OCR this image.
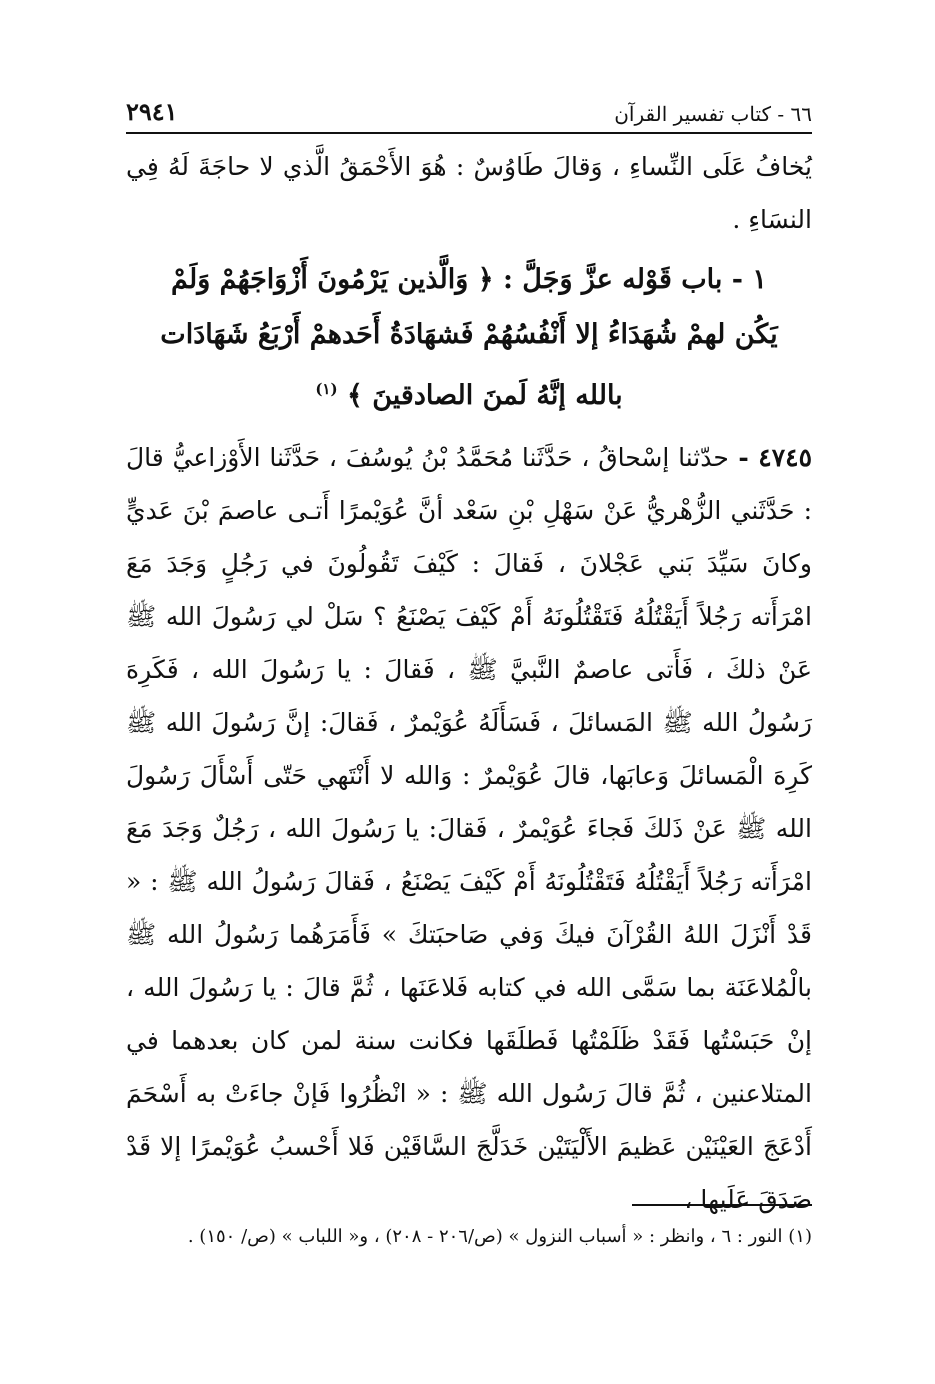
٦٦ - كتاب تفسير القرآن
٢٩٤١

يُخافُ عَلَى النِّساءِ ، وَقالَ طَاوُسٌ : هُوَ الأَحْمَقُ الَّذي لا حاجَةَ لَهُ فِي النسَاءِ .

١ - باب قَوْله عزَّ وَجَلَّ : ﴿ وَالَّذين يَرْمُونَ أَزْوَاجَهُمْ وَلَمْ يَكُن لهمْ شُهَدَاءُ إلا أَنْفُسُهُمْ فَشهَادَةُ أَحَدهمْ أَرْبَعُ شَهَادَات بالله إنَّهُ لَمنَ الصادقينَ ﴾ $^{(١)}$

٤٧٤٥ - حدّثنا إسْحاقُ ، حَدَّثَنا مُحَمَّدُ بْنُ يُوسُفَ ، حَدَّثَنا الأَوْزاعيُّ قالَ : حَدَّثَني الزُّهْريُّ عَنْ سَهْلِ بْنِ سَعْد أنَّ عُوَيْمرًا أَتـى عاصمَ بْنَ عَديٍّ وكانَ سَيِّدَ بَني عَجْلانَ ، فَقالَ : كَيْفَ تَقُولُونَ في رَجُلٍ وَجَدَ مَعَ امْرَأَته رَجُلاً أَيَقْتُلُهُ فَتَقْتُلُونَهُ أَمْ كَيْفَ يَصْنَعُ ؟ سَلْ لي رَسُولَ الله ﷺ عَنْ ذلكَ ، فَأَتى عاصمٌ النَّبيَّ ﷺ ، فَقالَ : يا رَسُولَ الله ، فَكَرِهَ رَسُولُ الله ﷺ المَسائلَ ، فَسَأَلَهُ عُوَيْمرٌ ، فَقالَ: إنَّ رَسُولَ الله ﷺ كَرِهَ الْمَسائلَ وَعابَها، قالَ عُوَيْمرٌ : وَالله لا أَنْتَهي حَتّى أَسْأَلَ رَسُولَ الله ﷺ عَنْ ذَلكَ فَجاءَ عُوَيْمرٌ ، فَقالَ: يا رَسُولَ الله ، رَجُلٌ وَجَدَ مَعَ امْرَأَته رَجُلاً أَيَقْتُلُهُ فَتَقْتُلُونَهُ أَمْ كَيْفَ يَصْنَعُ ، فَقالَ رَسُولُ الله ﷺ : « قَدْ أَنْزَلَ اللهُ القُرْآنَ فيكَ وَفي صَاحبَتكَ » فَأَمَرَهُما رَسُولُ الله ﷺ بالْمُلاعَنَة بما سَمَّى الله في كتابه فَلاعَنَها ، ثُمَّ قالَ : يا رَسُولَ الله ، إنْ حَبَسْتُها فَقَدْ ظَلَمْتُها فَطلَقَها فكانت سنة لمن كان بعدهما في المتلاعنين ، ثُمَّ قالَ رَسُول الله ﷺ : « انْظُرُوا فَإنْ جاءَتْ به أَسْحَمَ أَدْعَجَ العَيْنَيْن عَظيمَ الأَلْيَتَيْن خَدَلَّجَ السَّاقَيْن فَلا أَحْسبُ عُوَيْمرًا إلا قَدْ صَدَقَ عَلَيها ،

(١) النور : ٦ ، وانظر : « أسباب النزول » (ص/٢٠٦ - ٢٠٨) ، و« اللباب » (ص/ ١٥٠) .
